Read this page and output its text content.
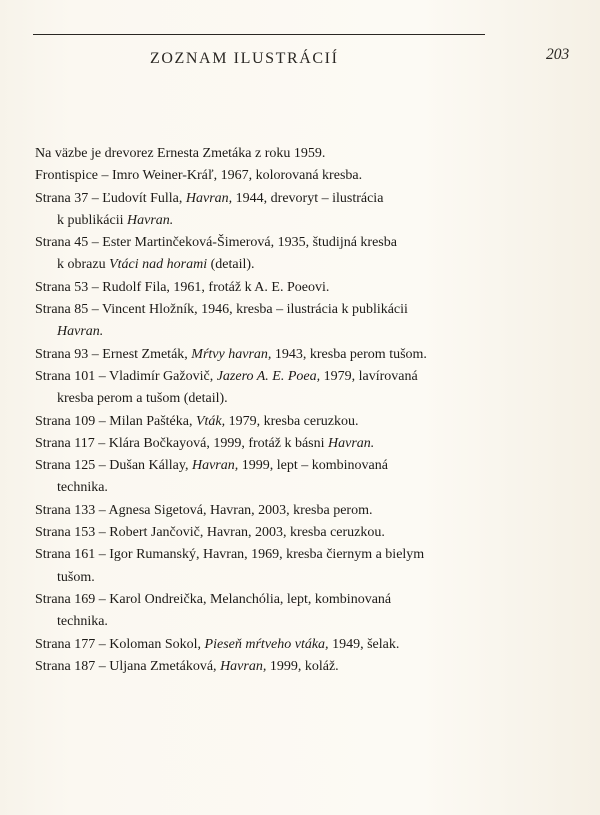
ZOZNAM ILUSTRÁCIÍ	203

Na väzbe je drevorez Ernesta Zmetáka z roku 1959.

Frontispice – Imro Weiner-Kráľ, 1967, kolorovaná kresba.

Strana 37 – Ľudovít Fulla, Havran, 1944, drevoryt – ilustrácia
k publikácii Havran.

Strana 45 – Ester Martinčeková-Šimerová, 1935, študijná kresba
k obrazu Vtáci nad horami (detail).

Strana 53 – Rudolf Fila, 1961, frotáž k A. E. Poeovi.

Strana 85 – Vincent Hložník, 1946, kresba – ilustrácia k publikácii
Havran.

Strana 93 – Ernest Zmeták, Mŕtvy havran, 1943, kresba perom tušom.

Strana 101 – Vladimír Gažovič, Jazero A. E. Poea, 1979, lavírovaná
kresba perom a tušom (detail).

Strana 109 – Milan Paštéka, Vták, 1979, kresba ceruzkou.

Strana 117 – Klára Bočkayová, 1999, frotáž k básni Havran.

Strana 125 – Dušan Kállay, Havran, 1999, lept – kombinovaná
technika.

Strana 133 – Agnesa Sigetová, Havran, 2003, kresba perom.

Strana 153 – Robert Jančovič, Havran, 2003, kresba ceruzkou.

Strana 161 – Igor Rumanský, Havran, 1969, kresba čiernym a bielym
tušom.

Strana 169 – Karol Ondreička, Melanchólia, lept, kombinovaná
technika.

Strana 177 – Koloman Sokol, Pieseň mŕtveho vtáka, 1949, šelak.

Strana 187 – Uljana Zmetáková, Havran, 1999, koláž.
